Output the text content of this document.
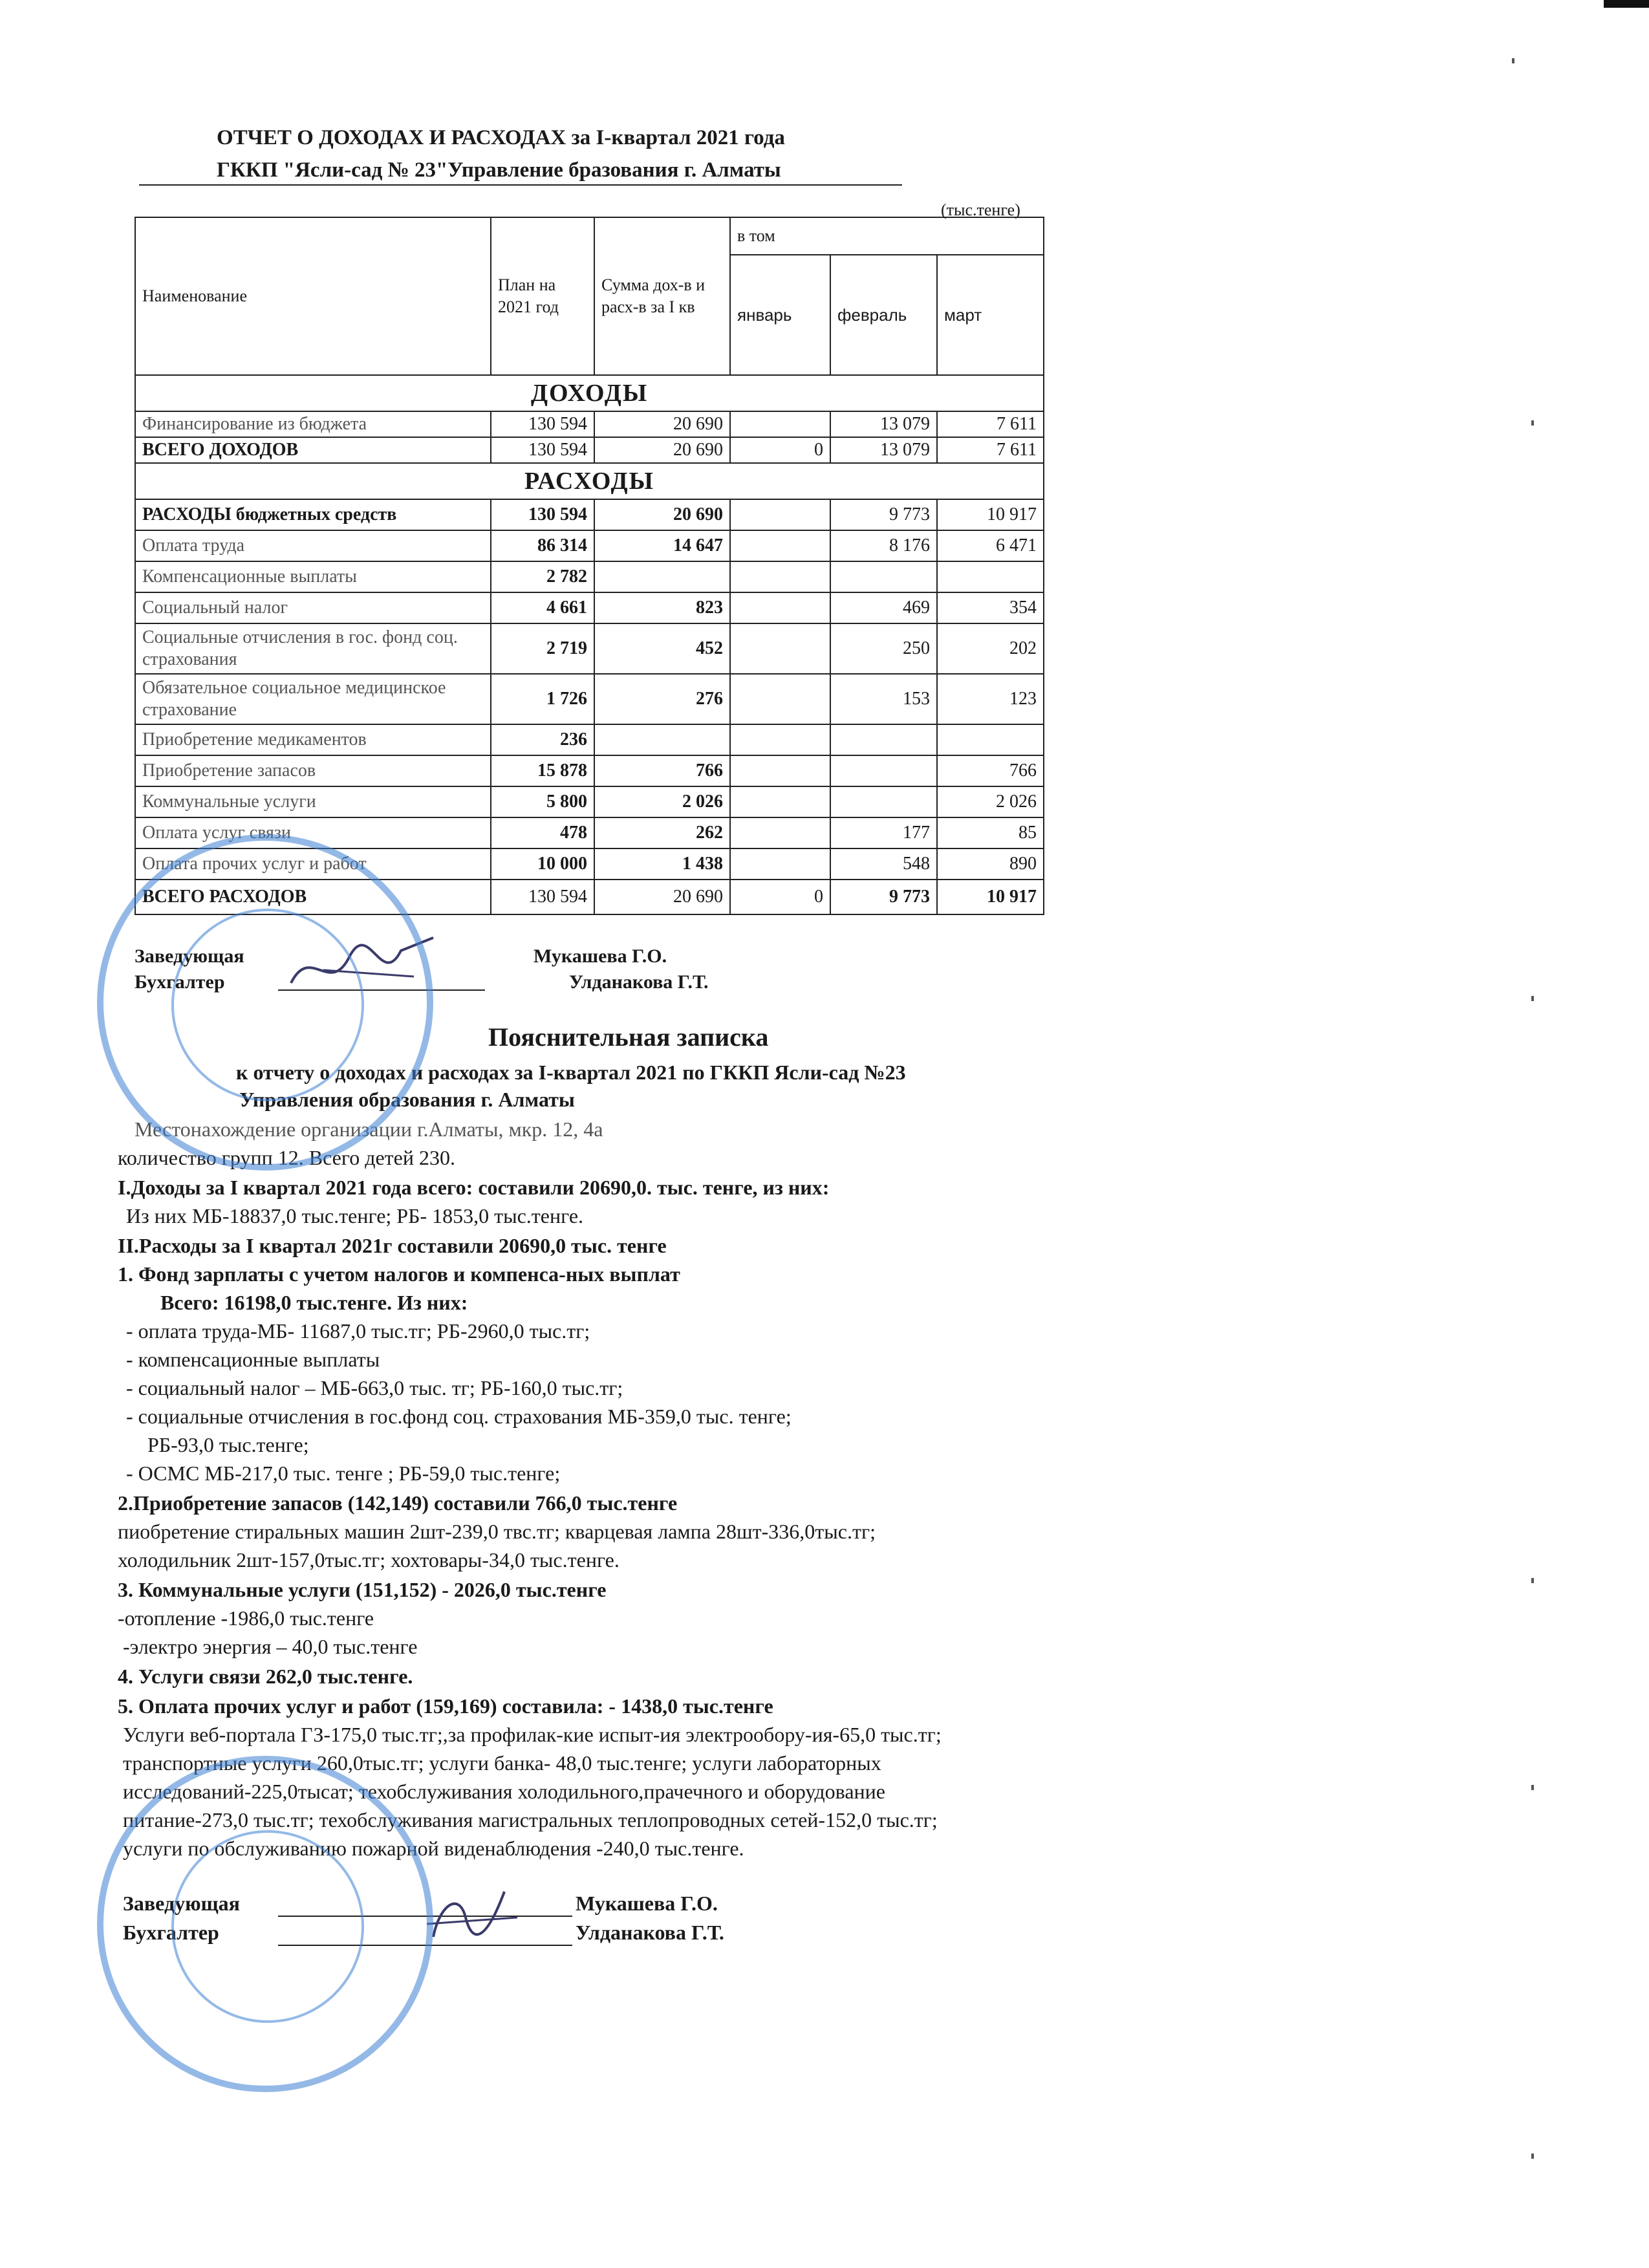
ОТЧЕТ О ДОХОДАХ И РАСХОДАХ за I-квартал 2021 года
ГККП "Ясли-сад № 23"Управление бразования г. Алматы
(тыс.тенге)
Наименование	План на 2021 год	Сумма дох-в и расх-в за I кв	в том		
			январь	февраль	март
ДОХОДЫ					
Финансирование из бюджета	130 594	20 690		13 079	7 611
ВСЕГО ДОХОДОВ	130 594	20 690	0	13 079	7 611
РАСХОДЫ					
РАСХОДЫ бюджетных средств	130 594	20 690		9 773	10 917
Оплата труда	86 314	14 647		8 176	6 471
Компенсационные выплаты	2 782				
Социальный налог	4 661	823		469	354
Социальные отчисления в гос. фонд соц. страхования	2 719	452		250	202
Обязательное социальное медицинское страхование	1 726	276		153	123
Приобретение медикаментов	236				
Приобретение запасов	15 878	766			766
Коммунальные услуги	5 800	2 026			2 026
Оплата услуг связи	478	262		177	85
Оплата прочих услуг и работ	10 000	1 438		548	890
ВСЕГО РАСХОДОВ	130 594	20 690	0	9 773	10 917
Заведующая	Мукашева Г.О.
Бухгалтер	Улданакова Г.Т.
Пояснительная записка
к отчету о доходах и расходах за I-квартал 2021 по ГККП Ясли-сад №23
Управления образования г. Алматы
Местонахождение организации г.Алматы, мкр. 12, 4а
количество групп 12. Всего детей 230.
I.Доходы за I квартал 2021 года всего: составили 20690,0. тыс. тенге, из них:
Из них МБ-18837,0 тыс.тенге; РБ- 1853,0 тыс.тенге.
II.Расходы за I квартал 2021г составили 20690,0 тыс. тенге
1. Фонд зарплаты с учетом налогов и компенса-ных выплат
Всего: 16198,0 тыс.тенге. Из них:
- оплата труда-МБ- 11687,0 тыс.тг; РБ-2960,0 тыс.тг;
- компенсационные выплаты
- социальный налог – МБ-663,0 тыс. тг; РБ-160,0 тыс.тг;
- социальные отчисления в гос.фонд соц. страхования МБ-359,0 тыс. тенге;
РБ-93,0 тыс.тенге;
- ОСМС МБ-217,0 тыс. тенге ; РБ-59,0 тыс.тенге;
2.Приобретение запасов (142,149) составили 766,0 тыс.тенге
пиобретение стиральных машин 2шт-239,0 твс.тг; кварцевая лампа 28шт-336,0тыс.тг;
холодильник 2шт-157,0тыс.тг; хохтовары-34,0 тыс.тенге.
3. Коммунальные услуги (151,152) - 2026,0 тыс.тенге
-отопление -1986,0 тыс.тенге
-электро энергия – 40,0 тыс.тенге
4. Услуги связи 262,0 тыс.тенге.
5. Оплата прочих услуг и работ (159,169) составила: - 1438,0 тыс.тенге
Услуги веб-портала ГЗ-175,0 тыс.тг;,за профилак-кие испыт-ия электрообору-ия-65,0 тыс.тг;
транспортные услуги 260,0тыс.тг; услуги банка- 48,0 тыс.тенге; услуги лабораторных
исследований-225,0тысат; техобслуживания холодильного,прачечного и оборудование
питание-273,0 тыс.тг; техобслуживания магистральных теплопроводных сетей-152,0 тыс.тг;
услуги по обслуживанию пожарной виденаблюдения -240,0 тыс.тенге.
Заведующая	Мукашева Г.О.
Бухгалтер	Улданакова Г.Т.
